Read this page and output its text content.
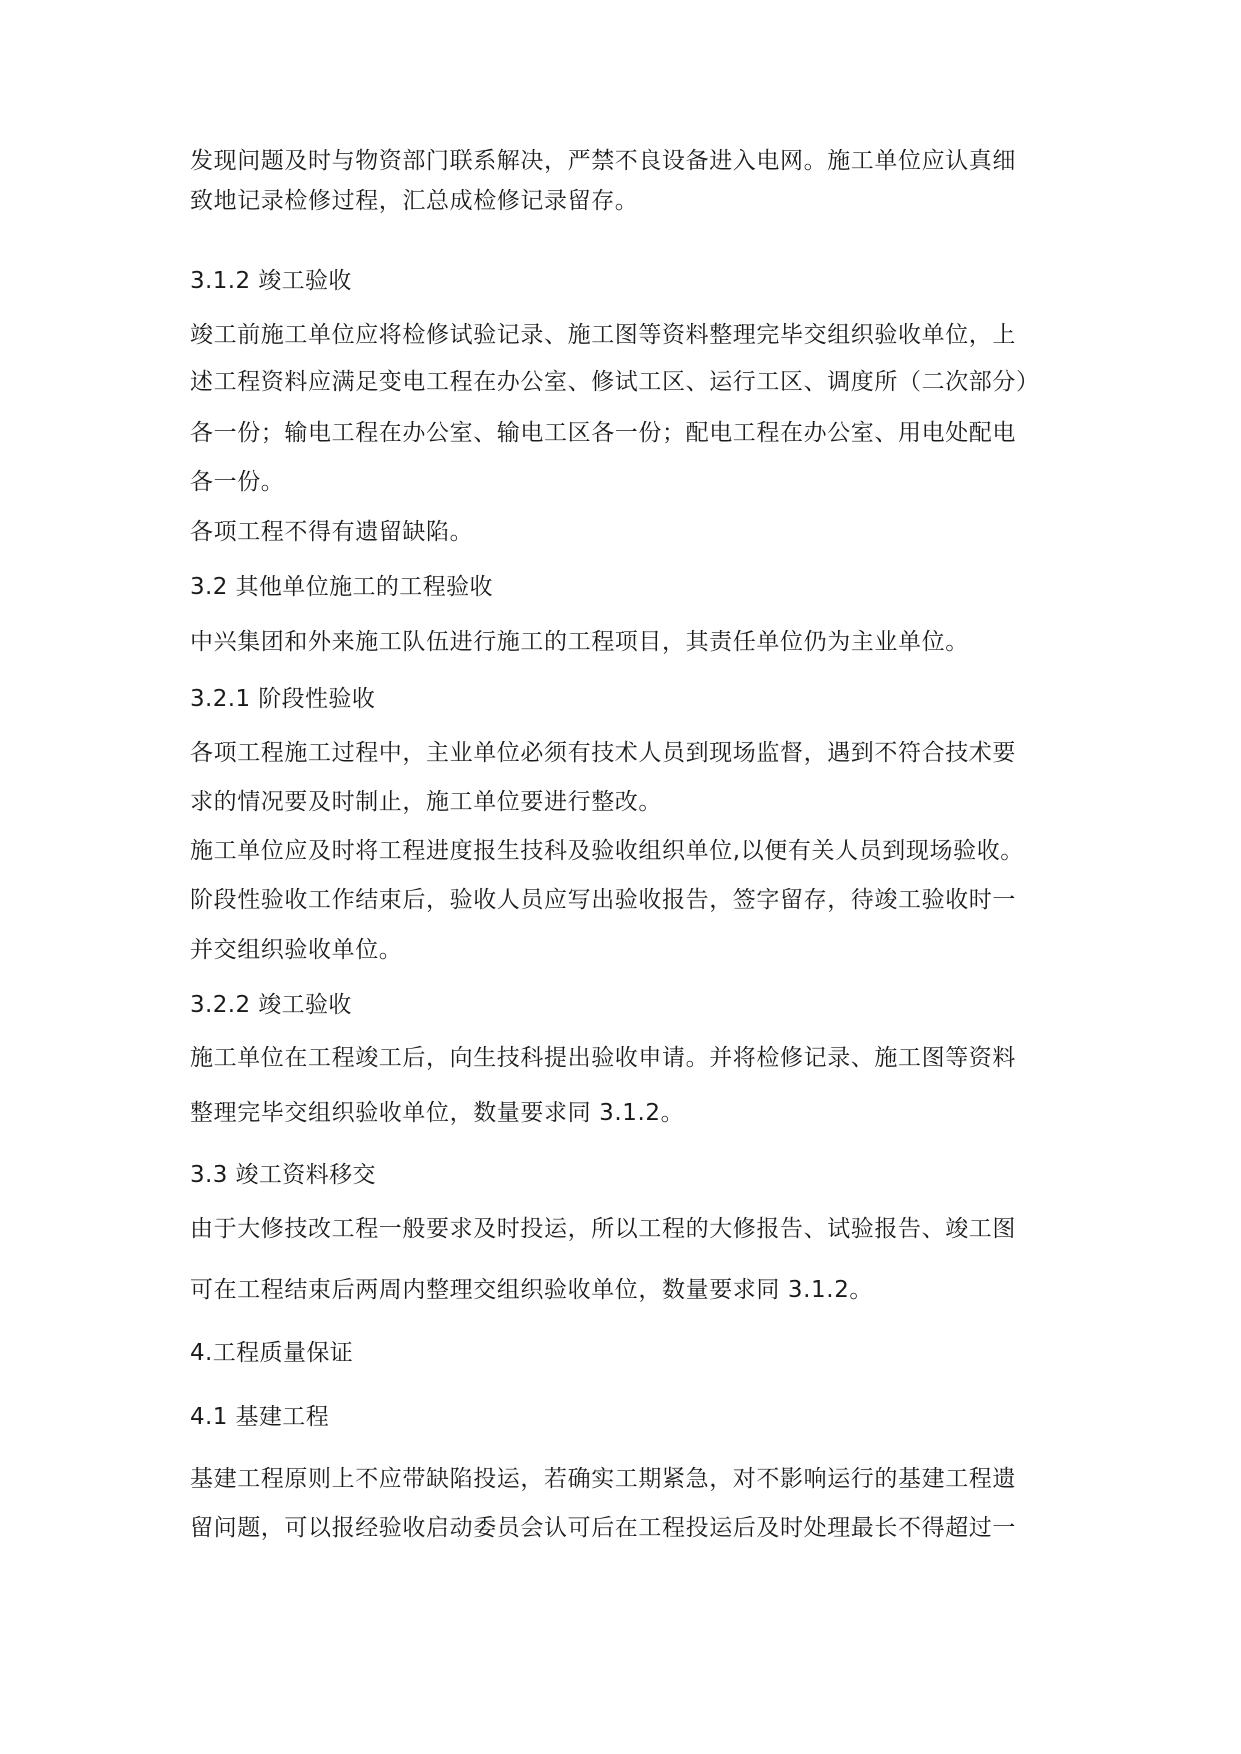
发现问题及时与物资部门联系解决，严禁不良设备进入电网。施工单位应认真细
致地记录检修过程，汇总成检修记录留存。
3.1.2 竣工验收
竣工前施工单位应将检修试验记录、施工图等资料整理完毕交组织验收单位，上
述工程资料应满足变电工程在办公室、修试工区、运行工区、调度所（二次部分）
各一份；输电工程在办公室、输电工区各一份；配电工程在办公室、用电处配电
各一份。
各项工程不得有遗留缺陷。
3.2 其他单位施工的工程验收
中兴集团和外来施工队伍进行施工的工程项目，其责任单位仍为主业单位。
3.2.1 阶段性验收
各项工程施工过程中，主业单位必须有技术人员到现场监督，遇到不符合技术要
求的情况要及时制止，施工单位要进行整改。
施工单位应及时将工程进度报生技科及验收组织单位,以便有关人员到现场验收。
阶段性验收工作结束后，验收人员应写出验收报告，签字留存，待竣工验收时一
并交组织验收单位。
3.2.2 竣工验收
施工单位在工程竣工后，向生技科提出验收申请。并将检修记录、施工图等资料
整理完毕交组织验收单位，数量要求同 3.1.2。
3.3 竣工资料移交
由于大修技改工程一般要求及时投运，所以工程的大修报告、试验报告、竣工图
可在工程结束后两周内整理交组织验收单位，数量要求同 3.1.2。
4.工程质量保证
4.1 基建工程
基建工程原则上不应带缺陷投运，若确实工期紧急，对不影响运行的基建工程遗
留问题，可以报经验收启动委员会认可后在工程投运后及时处理最长不得超过一
